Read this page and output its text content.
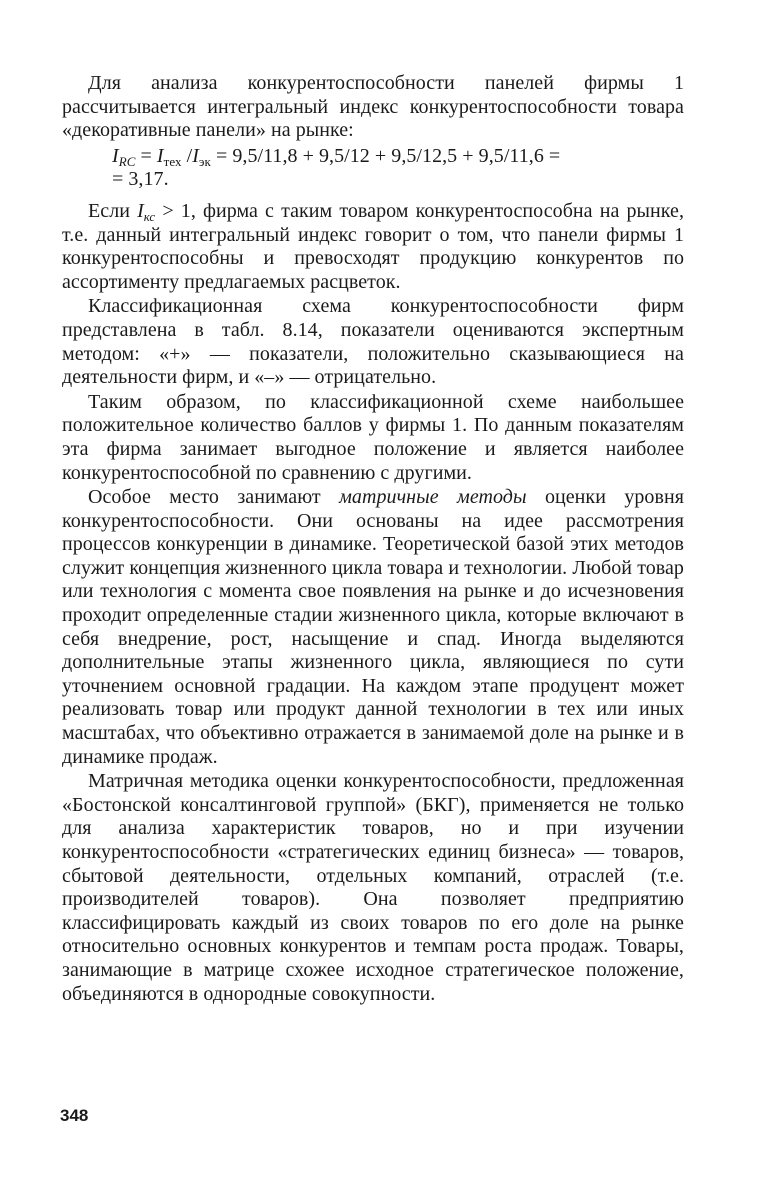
Для анализа конкурентоспособности панелей фирмы 1 рассчитывается интегральный индекс конкурентоспособности товара «декоративные панели» на рынке:

$I_{RC} = I_{тех}$ $/I_{эк} = 9,5/11,8 + 9,5/12 + 9,5/12,5 + 9,5/11,6$ =
= 3,17.

Если $I_{кс} > 1$, фирма с таким товаром конкурентоспособна на рынке, т.е. данный интегральный индекс говорит о том, что панели фирмы 1 конкурентоспособны и превосходят продукцию конкурентов по ассортименту предлагаемых расцветок.

Классификационная схема конкурентоспособности фирм представлена в табл. 8.14, показатели оцениваются экспертным методом: «+» — показатели, положительно сказывающиеся на деятельности фирм, и «–» — отрицательно.

Таким образом, по классификационной схеме наибольшее положительное количество баллов у фирмы 1. По данным показателям эта фирма занимает выгодное положение и является наиболее конкурентоспособной по сравнению с другими.

Особое место занимают матричные методы оценки уровня конкурентоспособности. Они основаны на идее рассмотрения процессов конкуренции в динамике. Теоретической базой этих методов служит концепция жизненного цикла товара и технологии. Любой товар или технология с момента свое появления на рынке и до исчезновения проходит определенные стадии жизненного цикла, которые включают в себя внедрение, рост, насыщение и спад. Иногда выделяются дополнительные этапы жизненного цикла, являющиеся по сути уточнением основной градации. На каждом этапе продуцент может реализовать товар или продукт данной технологии в тех или иных масштабах, что объективно отражается в занимаемой доле на рынке и в динамике продаж.

Матричная методика оценки конкурентоспособности, предложенная «Бостонской консалтинговой группой» (БКГ), применяется не только для анализа характеристик товаров, но и при изучении конкурентоспособности «стратегических единиц бизнеса» — товаров, сбытовой деятельности, отдельных компаний, отраслей (т.е. производителей товаров). Она позволяет предприятию классифицировать каждый из своих товаров по его доле на рынке относительно основных конкурентов и темпам роста продаж. Товары, занимающие в матрице схожее исходное стратегическое положение, объединяются в однородные совокупности.

348
